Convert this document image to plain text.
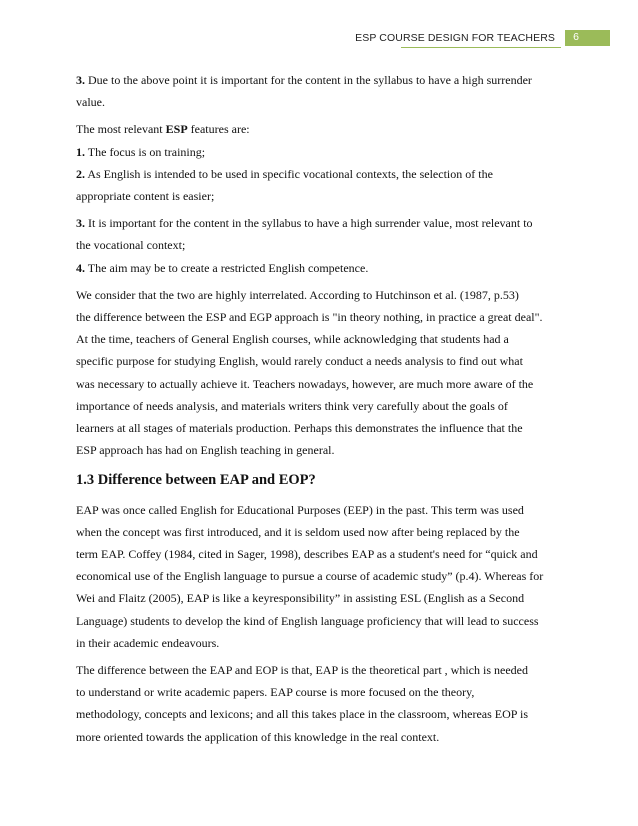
ESP COURSE DESIGN FOR TEACHERS	6
3. Due to the above point it is important for the content in the syllabus to have a high surrender
value.
The most relevant ESP features are:
1. The focus is on training;
2. As English is intended to be used in specific vocational contexts, the selection of the
appropriate content is easier;
3. It is important for the content in the syllabus to have a high surrender value, most relevant to
the vocational context;
4. The aim may be to create a restricted English competence.
We consider that the two are highly interrelated. According to Hutchinson et al. (1987, p.53)
the difference between the ESP and EGP approach is "in theory nothing, in practice a great deal".
At the time, teachers of General English courses, while acknowledging that students had a
specific purpose for studying English, would rarely conduct a needs analysis to find out what
was necessary to actually achieve it. Teachers nowadays, however, are much more aware of the
importance of needs analysis, and materials writers think very carefully about the goals of
learners at all stages of materials production. Perhaps this demonstrates the influence that the
ESP approach has had on English teaching in general.
1.3 Difference between EAP and EOP?
EAP was once called English for Educational Purposes (EEP) in the past. This term was used
when the concept was first introduced, and it is seldom used now after being replaced by the
term EAP. Coffey (1984, cited in Sager, 1998), describes EAP as a student's need for “quick and
economical use of the English language to pursue a course of academic study” (p.4). Whereas for
Wei and Flaitz (2005), EAP is like a keyresponsibility” in assisting ESL (English as a Second
Language) students to develop the kind of English language proficiency that will lead to success
in their academic endeavours.
The difference between the EAP and EOP is that, EAP is the theoretical part , which is needed
to understand or write academic papers. EAP course is more focused on the theory,
methodology, concepts and lexicons; and all this takes place in the classroom, whereas EOP is
more oriented towards the application of this knowledge in the real context.
